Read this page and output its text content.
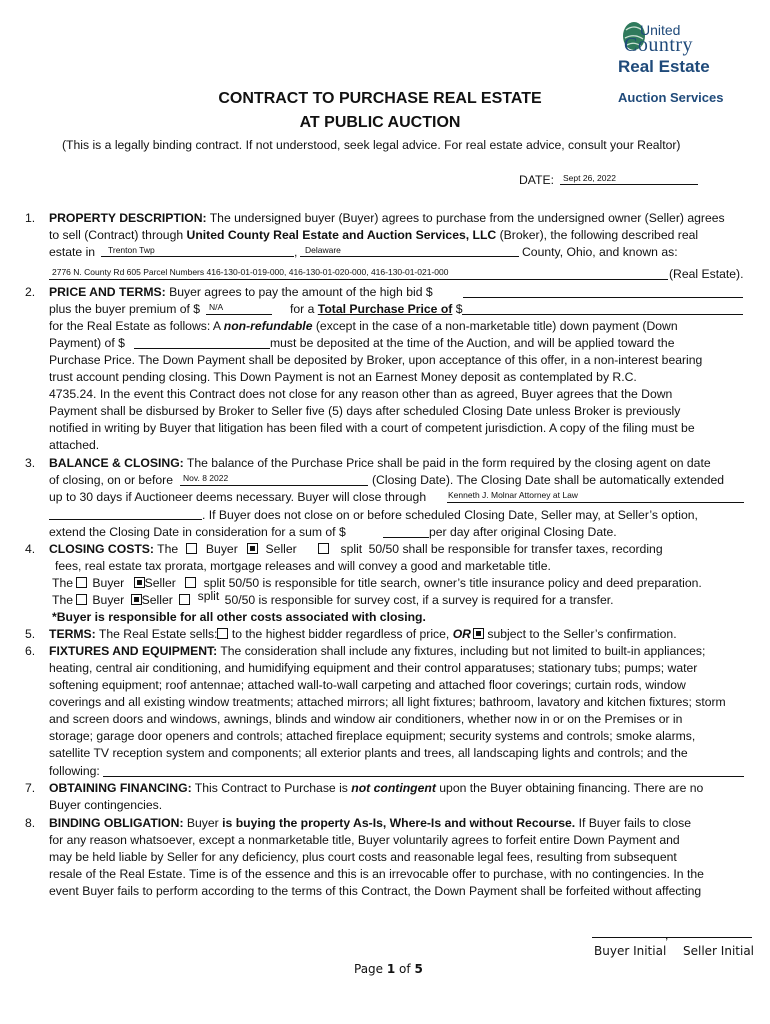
United
Country
Real Estate
Auction Services
CONTRACT TO PURCHASE REAL ESTATE
AT PUBLIC AUCTION
(This is a legally binding contract. If not understood, seek legal advice. For real estate advice, consult your Realtor)
DATE: Sept 26, 2022
1. PROPERTY DESCRIPTION: The undersigned buyer (Buyer) agrees to purchase from the undersigned owner (Seller) agrees
to sell (Contract) through United County Real Estate and Auction Services, LLC (Broker), the following described real
estate in Trenton Twp	, Delaware	County, Ohio, and known as:
2776 N. County Rd 605 Parcel Numbers 416-130-01-019-000, 416-130-01-020-000, 416-130-01-021-000	(Real Estate).
2. PRICE AND TERMS: Buyer agrees to pay the amount of the high bid $
plus the buyer premium of $ N/A	for a Total Purchase Price of $
for the Real Estate as follows: A non-refundable (except in the case of a non-marketable title) down payment (Down
Payment) of $	must be deposited at the time of the Auction, and will be applied toward the
Purchase Price. The Down Payment shall be deposited by Broker, upon acceptance of this offer, in a non-interest bearing
trust account pending closing. This Down Payment is not an Earnest Money deposit as contemplated by R.C.
4735.24. In the event this Contract does not close for any reason other than as agreed, Buyer agrees that the Down
Payment shall be disbursed by Broker to Seller five (5) days after scheduled Closing Date unless Broker is previously
notified in writing by Buyer that litigation has been filed with a court of competent jurisdiction. A copy of the filing must be
attached.
3. BALANCE & CLOSING: The balance of the Purchase Price shall be paid in the form required by the closing agent on date
of closing, on or before Nov. 8 2022	(Closing Date). The Closing Date shall be automatically extended
up to 30 days if Auctioneer deems necessary. Buyer will close through	Kenneth J. Molnar Attorney at Law
. If Buyer does not close on or before scheduled Closing Date, Seller may, at Seller’s option,
extend the Closing Date in consideration for a sum of $	per day after original Closing Date.
4. CLOSING COSTS: The Buyer Seller	split 50/50 shall be responsible for transfer taxes, recording
fees, real estate tax prorata, mortgage releases and will convey a good and marketable title.
The Buyer Seller split 50/50 is responsible for title search, owner’s title insurance policy and deed preparation.
The Buyer Seller split 50/50 is responsible for survey cost, if a survey is required for a transfer.
*Buyer is responsible for all other costs associated with closing.
5. TERMS: The Real Estate sells: to the highest bidder regardless of price, OR subject to the Seller’s confirmation.
6. FIXTURES AND EQUIPMENT: The consideration shall include any fixtures, including but not limited to built-in appliances;
heating, central air conditioning, and humidifying equipment and their control apparatuses; stationary tubs; pumps; water
softening equipment; roof antennae; attached wall-to-wall carpeting and attached floor coverings; curtain rods, window
coverings and all existing window treatments; attached mirrors; all light fixtures; bathroom, lavatory and kitchen fixtures; storm
and screen doors and windows, awnings, blinds and window air conditioners, whether now in or on the Premises or in
storage; garage door openers and controls; attached fireplace equipment; security systems and controls; smoke alarms,
satellite TV reception system and components; all exterior plants and trees, all landscaping lights and controls; and the
following:
7. OBTAINING FINANCING: This Contract to Purchase is not contingent upon the Buyer obtaining financing. There are no
Buyer contingencies.
8. BINDING OBLIGATION: Buyer is buying the property As-Is, Where-Is and without Recourse. If Buyer fails to close
for any reason whatsoever, except a nonmarketable title, Buyer voluntarily agrees to forfeit entire Down Payment and
may be held liable by Seller for any deficiency, plus court costs and reasonable legal fees, resulting from subsequent
resale of the Real Estate. Time is of the essence and this is an irrevocable offer to purchase, with no contingencies. In the
event Buyer fails to perform according to the terms of this Contract, the Down Payment shall be forfeited without affecting
,
Buyer Initial Seller Initial
Page 1 of 5
